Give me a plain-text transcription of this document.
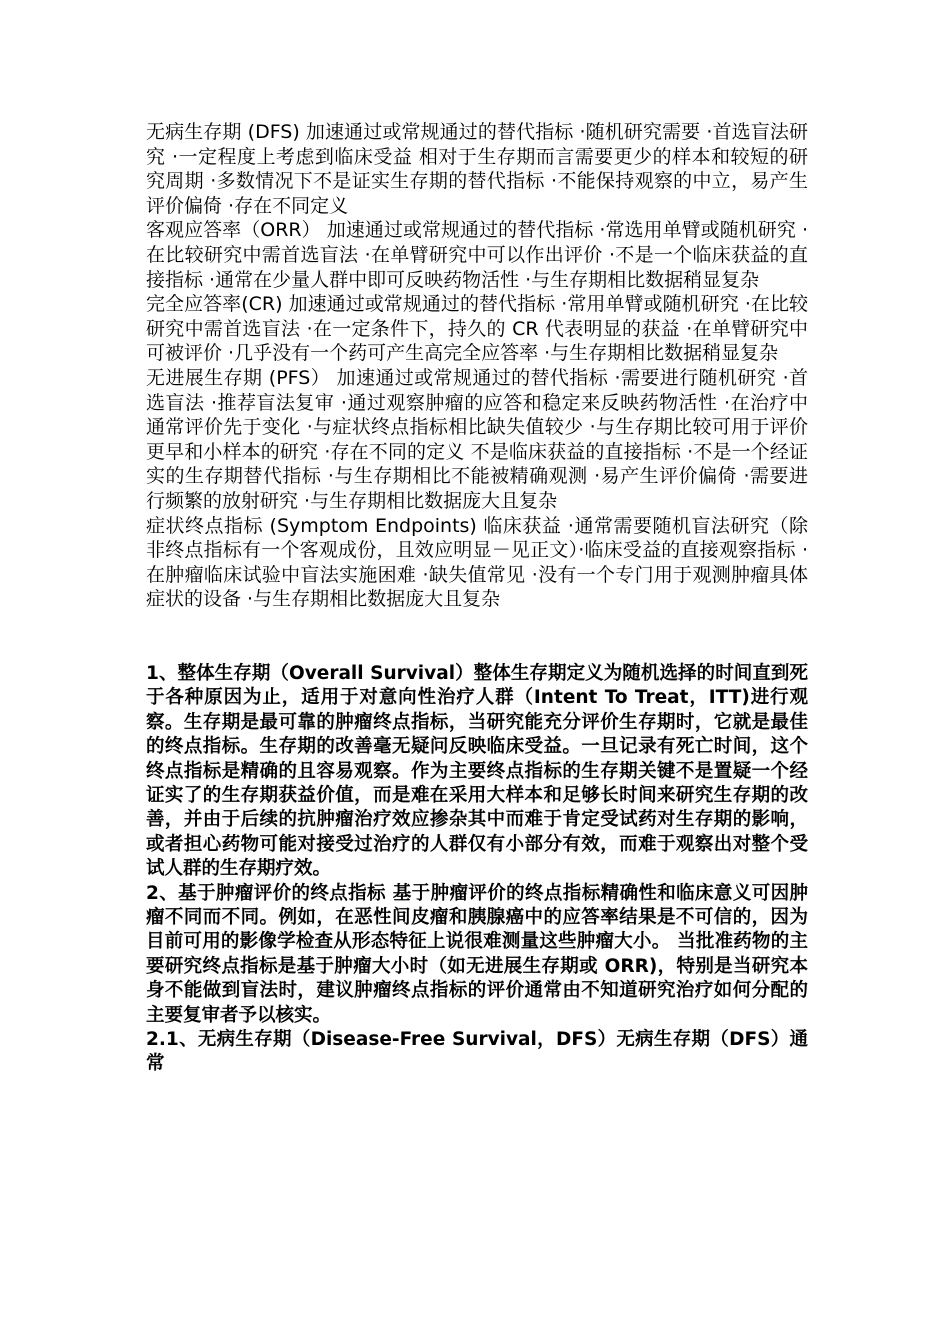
无病生存期 (DFS) 加速通过或常规通过的替代指标 ·随机研究需要 ·首选盲法研究 ·一定程度上考虑到临床受益 相对于生存期而言需要更少的样本和较短的研究周期 ·多数情况下不是证实生存期的替代指标 ·不能保持观察的中立，易产生评价偏倚 ·存在不同定义

客观应答率（ORR） 加速通过或常规通过的替代指标 ·常选用单臂或随机研究 ·在比较研究中需首选盲法 ·在单臂研究中可以作出评价 ·不是一个临床获益的直接指标 ·通常在少量人群中即可反映药物活性 ·与生存期相比数据稍显复杂

完全应答率(CR) 加速通过或常规通过的替代指标 ·常用单臂或随机研究 ·在比较研究中需首选盲法 ·在一定条件下，持久的 CR 代表明显的获益 ·在单臂研究中可被评价 ·几乎没有一个药可产生高完全应答率 ·与生存期相比数据稍显复杂

无进展生存期 (PFS） 加速通过或常规通过的替代指标 ·需要进行随机研究 ·首选盲法 ·推荐盲法复审 ·通过观察肿瘤的应答和稳定来反映药物活性 ·在治疗中通常评价先于变化 ·与症状终点指标相比缺失值较少 ·与生存期比较可用于评价更早和小样本的研究 ·存在不同的定义 不是临床获益的直接指标 ·不是一个经证实的生存期替代指标 ·与生存期相比不能被精确观测 ·易产生评价偏倚 ·需要进行频繁的放射研究 ·与生存期相比数据庞大且复杂

症状终点指标 (Symptom Endpoints) 临床获益 ·通常需要随机盲法研究（除非终点指标有一个客观成份，且效应明显－见正文）·临床受益的直接观察指标 ·在肿瘤临床试验中盲法实施困难 ·缺失值常见 ·没有一个专门用于观测肿瘤具体症状的设备 ·与生存期相比数据庞大且复杂

1、整体生存期（Overall Survival）整体生存期定义为随机选择的时间直到死于各种原因为止，适用于对意向性治疗人群（Intent To Treat，ITT)进行观察。生存期是最可靠的肿瘤终点指标，当研究能充分评价生存期时，它就是最佳的终点指标。生存期的改善毫无疑问反映临床受益。一旦记录有死亡时间，这个终点指标是精确的且容易观察。作为主要终点指标的生存期关键不是置疑一个经证实了的生存期获益价值，而是难在采用大样本和足够长时间来研究生存期的改善，并由于后续的抗肿瘤治疗效应掺杂其中而难于肯定受试药对生存期的影响，或者担心药物可能对接受过治疗的人群仅有小部分有效，而难于观察出对整个受试人群的生存期疗效。

2、基于肿瘤评价的终点指标 基于肿瘤评价的终点指标精确性和临床意义可因肿瘤不同而不同。例如，在恶性间皮瘤和胰腺癌中的应答率结果是不可信的，因为目前可用的影像学检查从形态特征上说很难测量这些肿瘤大小。 当批准药物的主要研究终点指标是基于肿瘤大小时（如无进展生存期或 ORR)，特别是当研究本身不能做到盲法时，建议肿瘤终点指标的评价通常由不知道研究治疗如何分配的主要复审者予以核实。

2.1、无病生存期（Disease-Free Survival，DFS）无病生存期（DFS）通常
